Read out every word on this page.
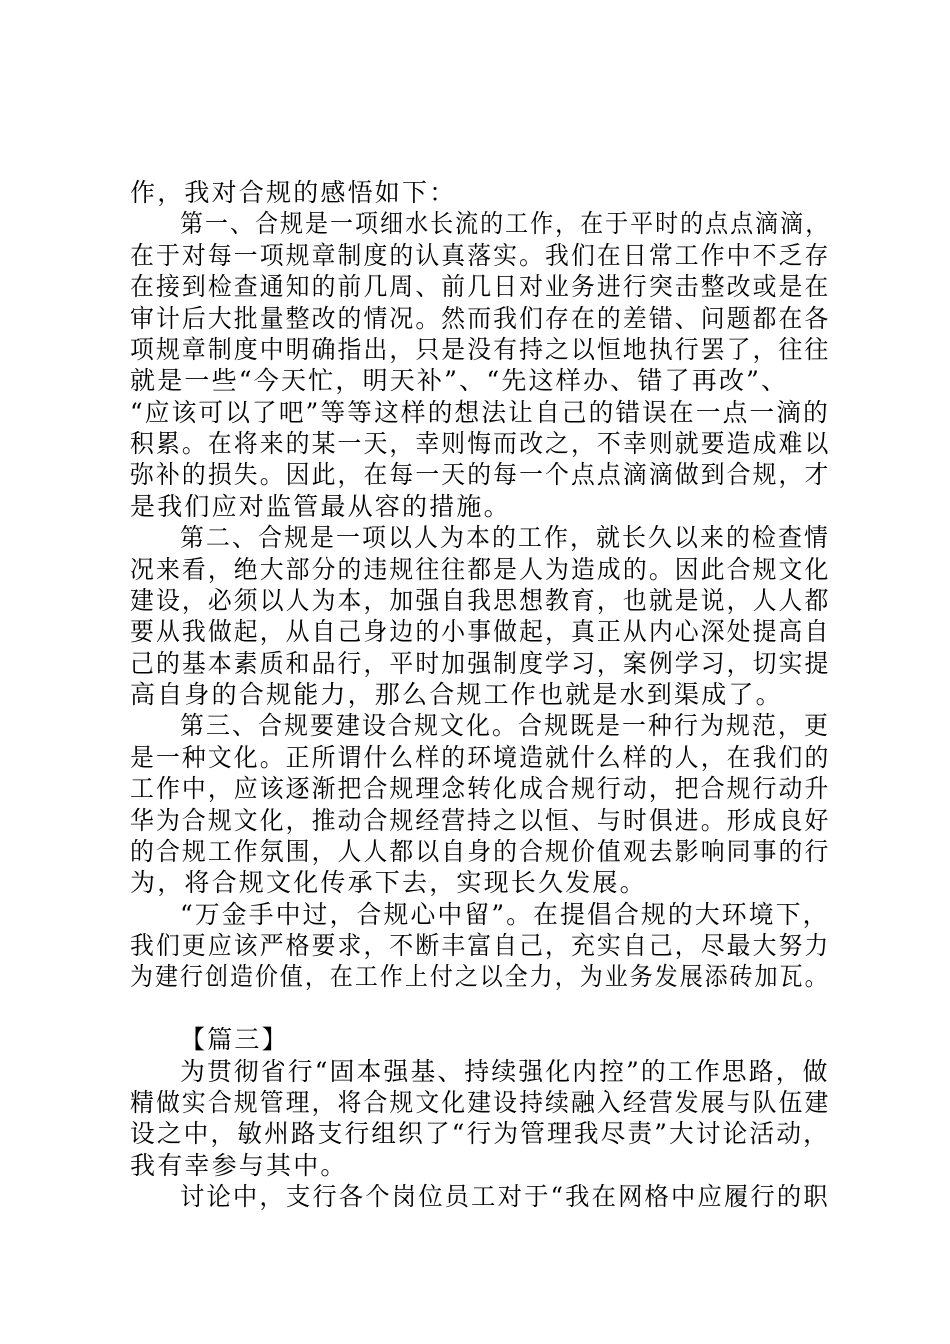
作，我对合规的感悟如下：
第一、合规是一项细水长流的工作，在于平时的点点滴滴，
在于对每一项规章制度的认真落实。我们在日常工作中不乏存
在接到检查通知的前几周、前几日对业务进行突击整改或是在
审计后大批量整改的情况。然而我们存在的差错、问题都在各
项规章制度中明确指出，只是没有持之以恒地执行罢了，往往
就是一些“今天忙，明天补”、“先这样办、错了再改”、
“应该可以了吧”等等这样的想法让自己的错误在一点一滴的
积累。在将来的某一天，幸则悔而改之，不幸则就要造成难以
弥补的损失。因此，在每一天的每一个点点滴滴做到合规，才
是我们应对监管最从容的措施。
第二、合规是一项以人为本的工作，就长久以来的检查情
况来看，绝大部分的违规往往都是人为造成的。因此合规文化
建设，必须以人为本，加强自我思想教育，也就是说，人人都
要从我做起，从自己身边的小事做起，真正从内心深处提高自
己的基本素质和品行，平时加强制度学习，案例学习，切实提
高自身的合规能力，那么合规工作也就是水到渠成了。
第三、合规要建设合规文化。合规既是一种行为规范，更
是一种文化。正所谓什么样的环境造就什么样的人，在我们的
工作中，应该逐渐把合规理念转化成合规行动，把合规行动升
华为合规文化，推动合规经营持之以恒、与时俱进。形成良好
的合规工作氛围，人人都以自身的合规价值观去影响同事的行
为，将合规文化传承下去，实现长久发展。
“万金手中过，合规心中留”。在提倡合规的大环境下，
我们更应该严格要求，不断丰富自己，充实自己，尽最大努力
为建行创造价值，在工作上付之以全力，为业务发展添砖加瓦。
【篇三】
为贯彻省行“固本强基、持续强化内控”的工作思路，做
精做实合规管理，将合规文化建设持续融入经营发展与队伍建
设之中，敏州路支行组织了“行为管理我尽责”大讨论活动，
我有幸参与其中。
讨论中，支行各个岗位员工对于“我在网格中应履行的职
